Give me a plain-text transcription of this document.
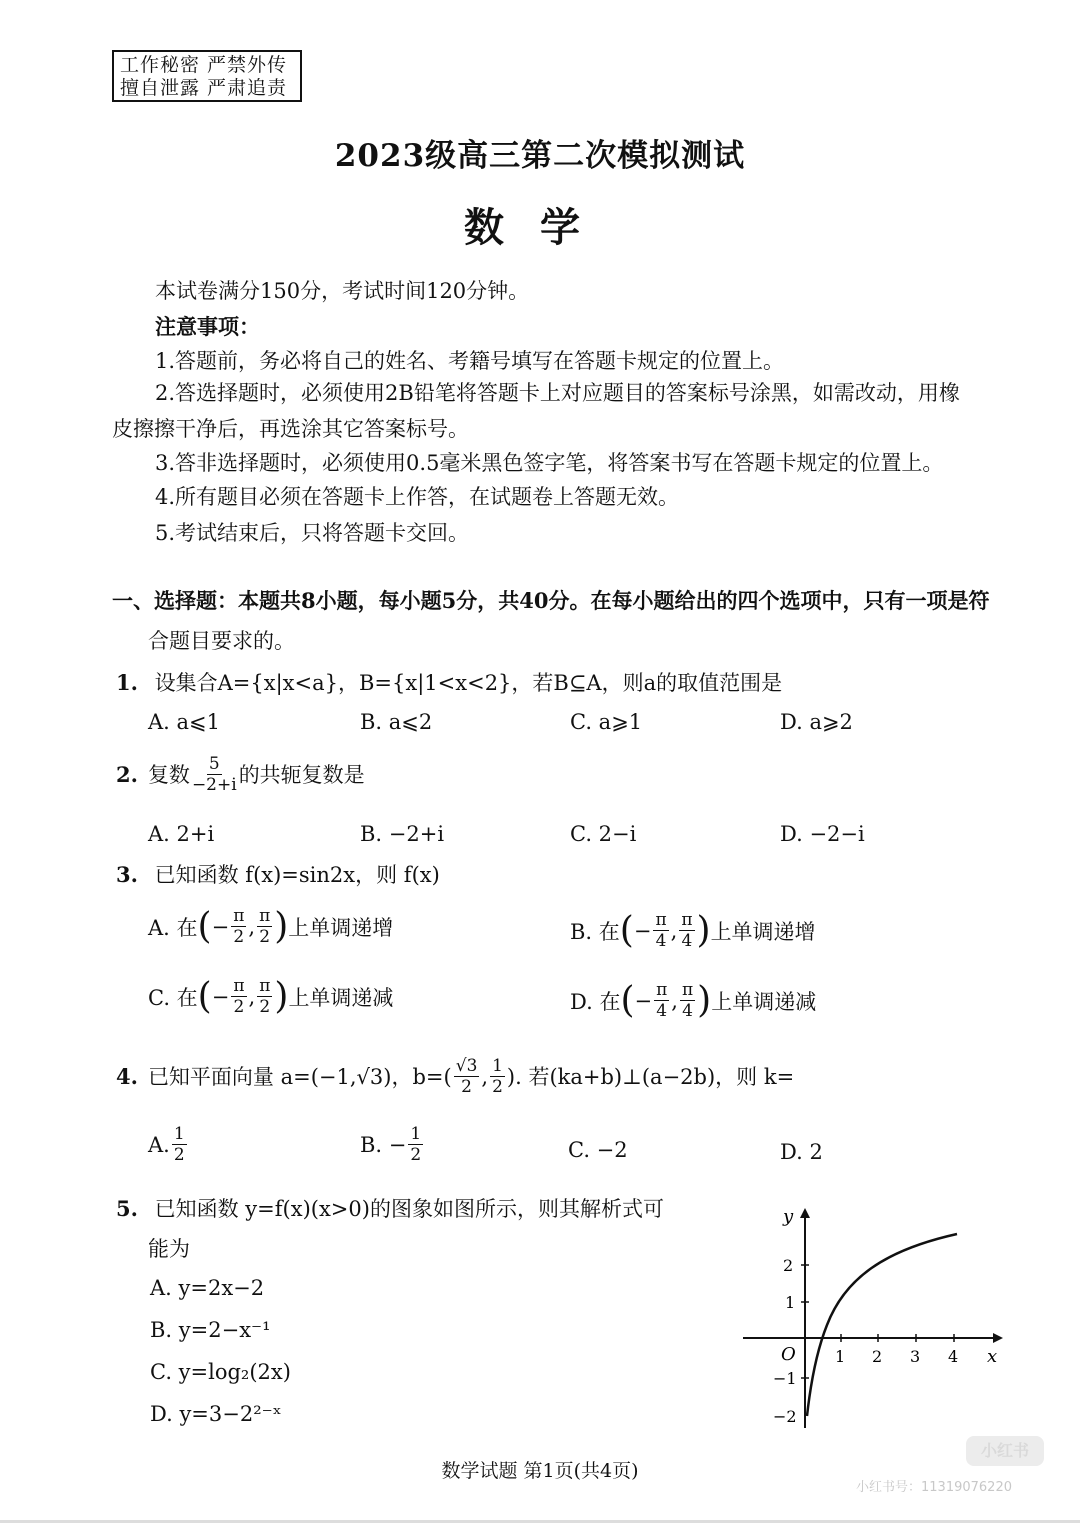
工作秘密 严禁外传
擅自泄露 严肃追责
2023级高三第二次模拟测试
数学
本试卷满分150分，考试时间120分钟。
注意事项：
1.答题前，务必将自己的姓名、考籍号填写在答题卡规定的位置上。
2.答选择题时，必须使用2B铅笔将答题卡上对应题目的答案标号涂黑，如需改动，用橡
皮擦擦干净后，再选涂其它答案标号。
3.答非选择题时，必须使用0.5毫米黑色签字笔，将答案书写在答题卡规定的位置上。
4.所有题目必须在答题卡上作答，在试题卷上答题无效。
5.考试结束后，只将答题卡交回。
一、选择题：本题共8小题，每小题5分，共40分。在每小题给出的四个选项中，只有一项是符
合题目要求的。
1. 设集合A={x|x<a}，B={x|1<x<2}，若B⊆A，则a的取值范围是
A. a⩽1	B. a⩽2	C. a⩾1	D. a⩾2
2. 复数 $\frac{5}{-2+i}$ 的共轭复数是
A. 2+i	B. −2+i	C. 2−i	D. −2−i
3. 已知函数 f(x)=sin2x，则 f(x)
A. 在 ( − $\frac{\pi}{2}$ , $\frac{\pi}{2}$ ) 上单调递增	B. 在 ( − $\frac{\pi}{4}$ , $\frac{\pi}{4}$ ) 上单调递增
C. 在 ( − $\frac{\pi}{2}$ , $\frac{\pi}{2}$ ) 上单调递减	D. 在 ( − $\frac{\pi}{4}$ , $\frac{\pi}{4}$ ) 上单调递减
4. 已知平面向量 a=(−1,√3)，$b=( \frac{√3}{2}$ , $\frac{1}{2}$ ). 若(ka+b)⊥(a−2b)，则 k=
A. $\frac{1}{2}$	B. − $\frac{1}{2}$	C. −2	D. 2
5. 已知函数 y=f(x)(x>0)的图象如图所示，则其解析式可
能为
A. y=2x−2
B. y=2−x⁻¹
C. y=log₂(2x)
D. y=3−2²⁻ˣ
y
x
O 1 2 3 4
2
1
−1
−2
数学试题 第1页(共4页)
小红书
小红书号：11319076220
